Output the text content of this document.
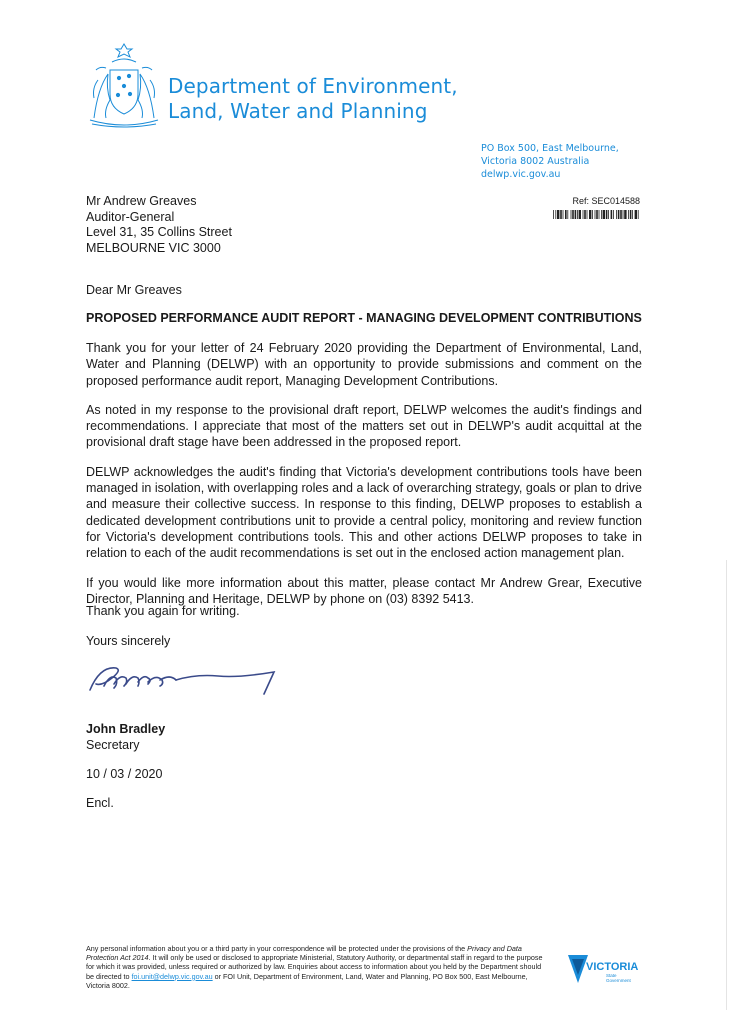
Department of Environment,
Land, Water and Planning
PO Box 500, East Melbourne,
Victoria 8002 Australia
delwp.vic.gov.au
Mr Andrew Greaves
Auditor-General
Level 31, 35 Collins Street
MELBOURNE VIC 3000
Ref: SEC014588
Dear Mr Greaves
PROPOSED PERFORMANCE AUDIT REPORT - MANAGING DEVELOPMENT CONTRIBUTIONS

Thank you for your letter of 24 February 2020 providing the Department of Environmental, Land, Water and Planning (DELWP) with an opportunity to provide submissions and comment on the proposed performance audit report, Managing Development Contributions.

As noted in my response to the provisional draft report, DELWP welcomes the audit's findings and recommendations. I appreciate that most of the matters set out in DELWP's audit acquittal at the provisional draft stage have been addressed in the proposed report.

DELWP acknowledges the audit's finding that Victoria's development contributions tools have been managed in isolation, with overlapping roles and a lack of overarching strategy, goals or plan to drive and measure their collective success. In response to this finding, DELWP proposes to establish a dedicated development contributions unit to provide a central policy, monitoring and review function for Victoria's development contributions tools. This and other actions DELWP proposes to take in relation to each of the audit recommendations is set out in the enclosed action management plan.

If you would like more information about this matter, please contact Mr Andrew Grear, Executive Director, Planning and Heritage, DELWP by phone on (03) 8392 5413.

Thank you again for writing.
Yours sincerely
John Bradley
Secretary
10 / 03 / 2020
Encl.
Any personal information about you or a third party in your correspondence will be protected under the provisions of the Privacy and Data Protection Act 2014. It will only be used or disclosed to appropriate Ministerial, Statutory Authority, or departmental staff in regard to the purpose for which it was provided, unless required or authorized by law. Enquiries about access to information about you held by the Department should be directed to foi.unit@delwp.vic.gov.au or FOI Unit, Department of Environment, Land, Water and Planning, PO Box 500, East Melbourne, Victoria 8002.
VICTORIA
State
Government
